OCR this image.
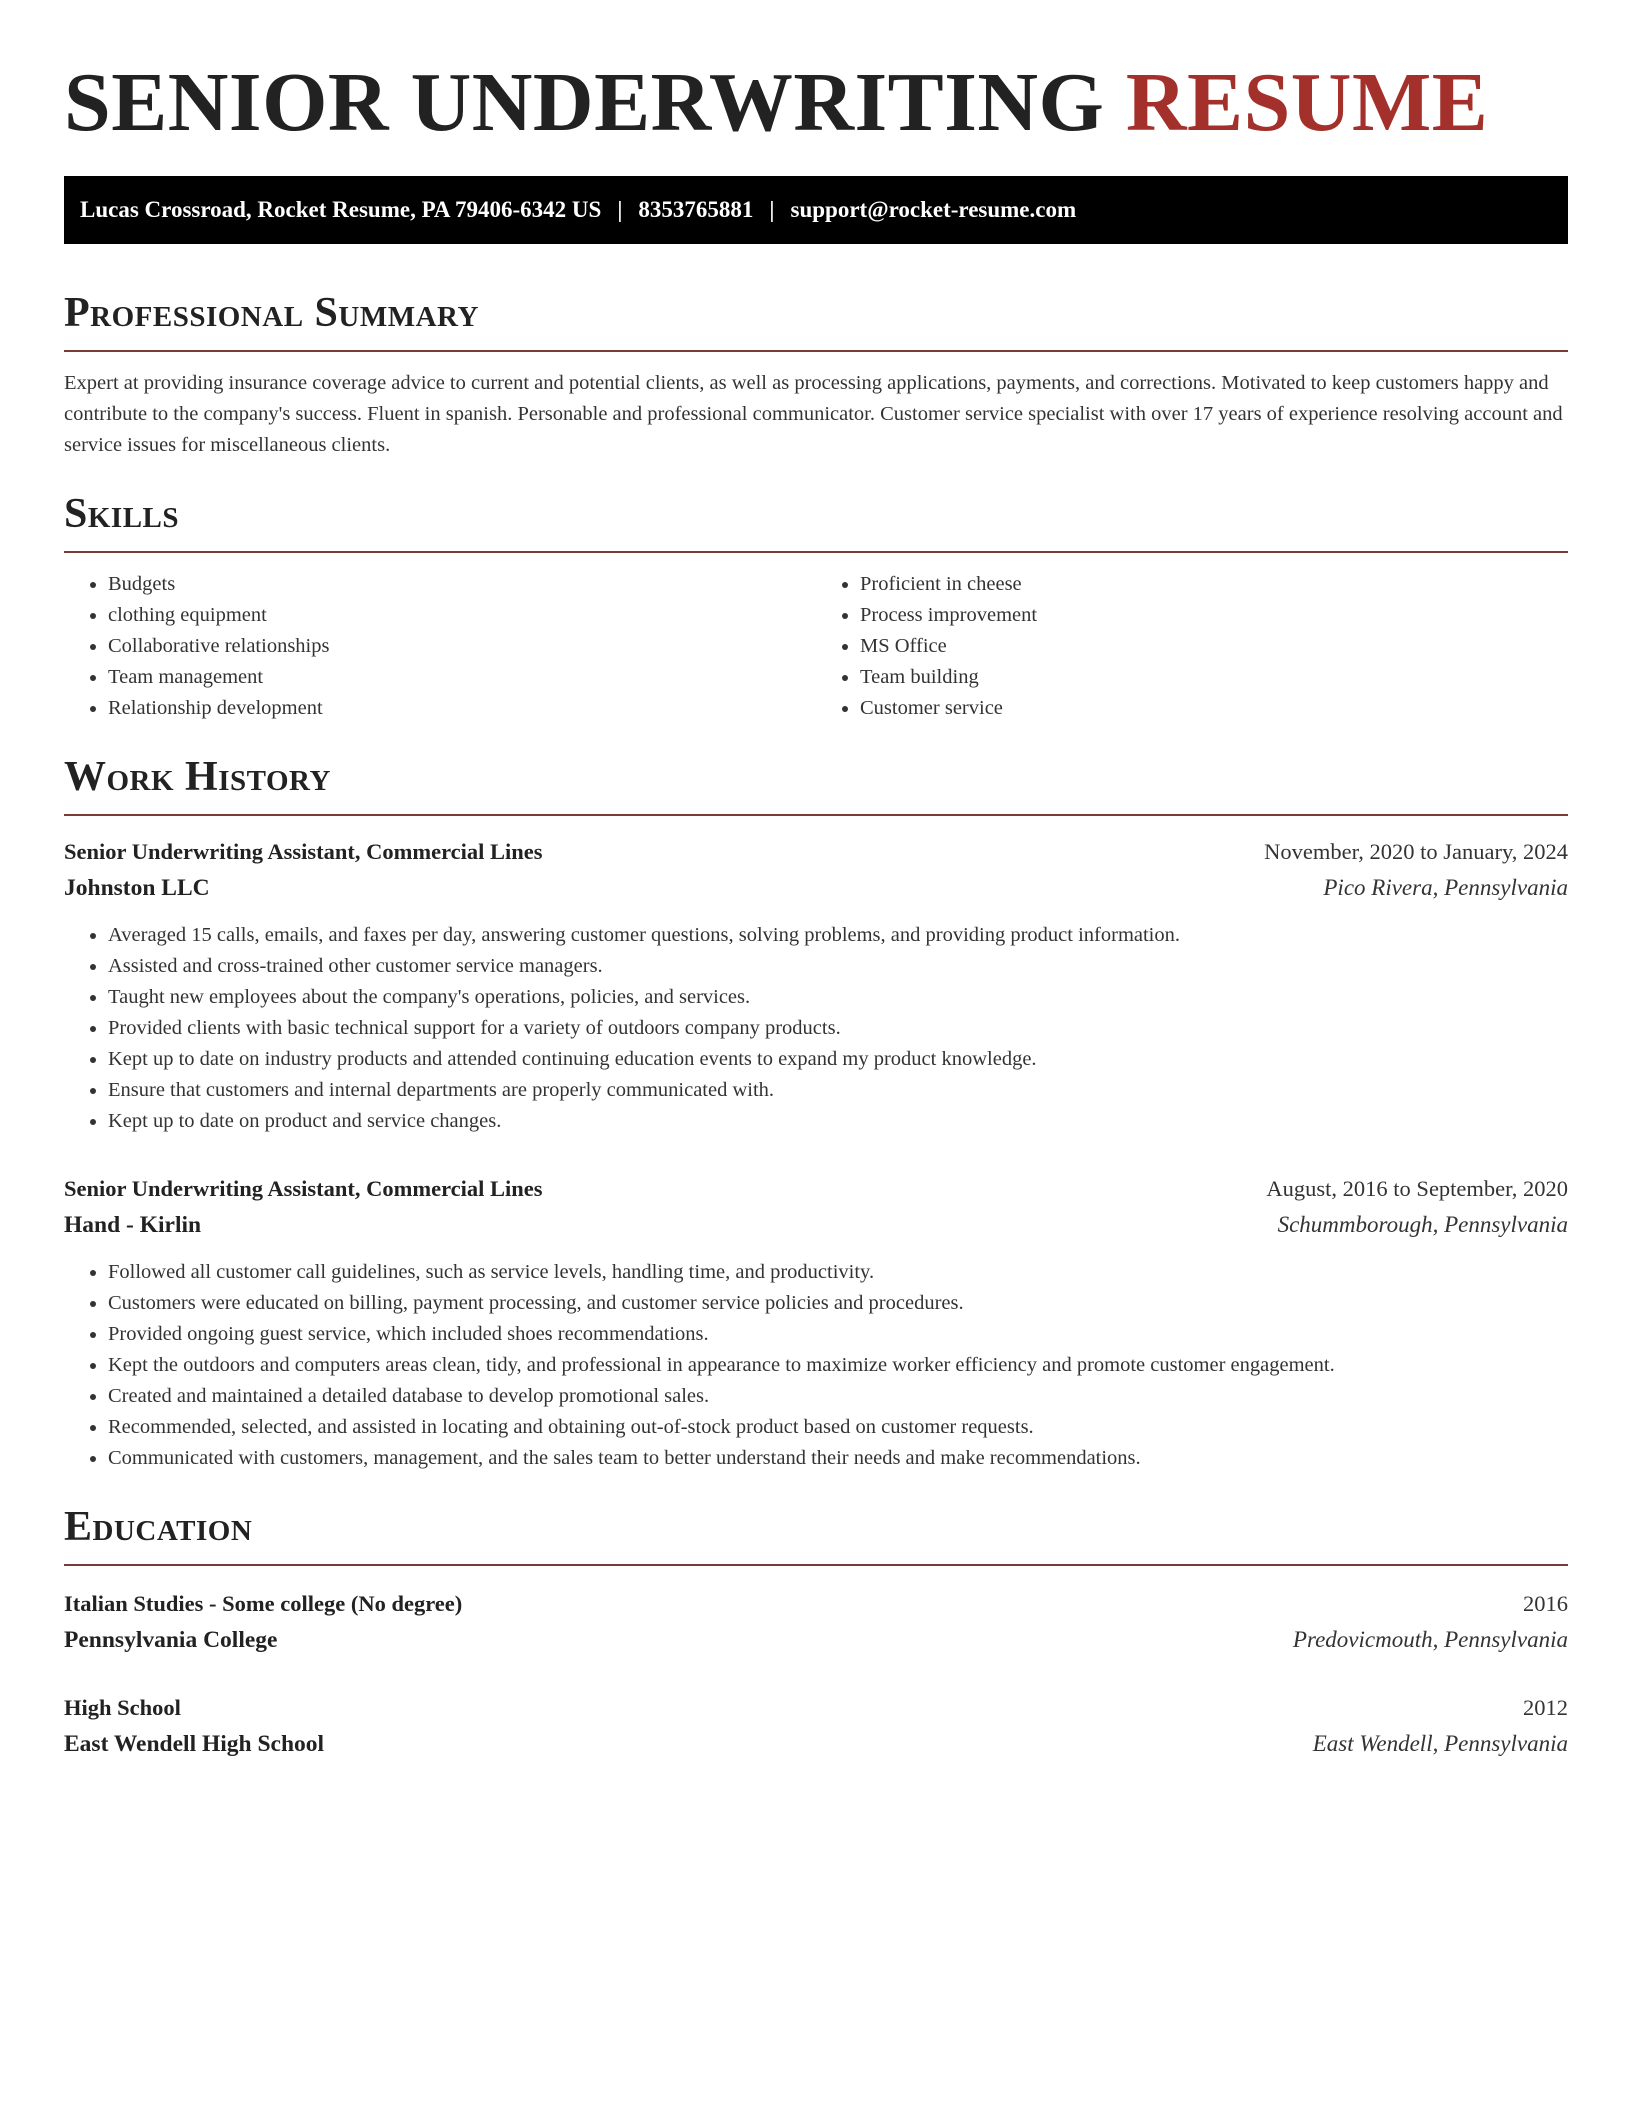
SENIOR UNDERWRITING RESUME
Lucas Crossroad, Rocket Resume, PA 79406-6342 US | 8353765881 | support@rocket-resume.com
Professional Summary

Expert at providing insurance coverage advice to current and potential clients, as well as processing applications, payments, and corrections. Motivated to keep customers happy and contribute to the company's success. Fluent in spanish. Personable and professional communicator. Customer service specialist with over 17 years of experience resolving account and service issues for miscellaneous clients.

Skills
• Budgets
• clothing equipment
• Collaborative relationships
• Team management
• Relationship development
• Proficient in cheese
• Process improvement
• MS Office
• Team building
• Customer service
Work History
Senior Underwriting Assistant, Commercial Lines	November, 2020 to January, 2024
Johnston LLC	Pico Rivera, Pennsylvania
• Averaged 15 calls, emails, and faxes per day, answering customer questions, solving problems, and providing product information.
• Assisted and cross-trained other customer service managers.
• Taught new employees about the company's operations, policies, and services.
• Provided clients with basic technical support for a variety of outdoors company products.
• Kept up to date on industry products and attended continuing education events to expand my product knowledge.
• Ensure that customers and internal departments are properly communicated with.
• Kept up to date on product and service changes.
Senior Underwriting Assistant, Commercial Lines	August, 2016 to September, 2020
Hand - Kirlin	Schummborough, Pennsylvania
• Followed all customer call guidelines, such as service levels, handling time, and productivity.
• Customers were educated on billing, payment processing, and customer service policies and procedures.
• Provided ongoing guest service, which included shoes recommendations.
• Kept the outdoors and computers areas clean, tidy, and professional in appearance to maximize worker efficiency and promote customer engagement.
• Created and maintained a detailed database to develop promotional sales.
• Recommended, selected, and assisted in locating and obtaining out-of-stock product based on customer requests.
• Communicated with customers, management, and the sales team to better understand their needs and make recommendations.
Education
Italian Studies - Some college (No degree)	2016
Pennsylvania College	Predovicmouth, Pennsylvania
High School	2012
East Wendell High School	East Wendell, Pennsylvania
